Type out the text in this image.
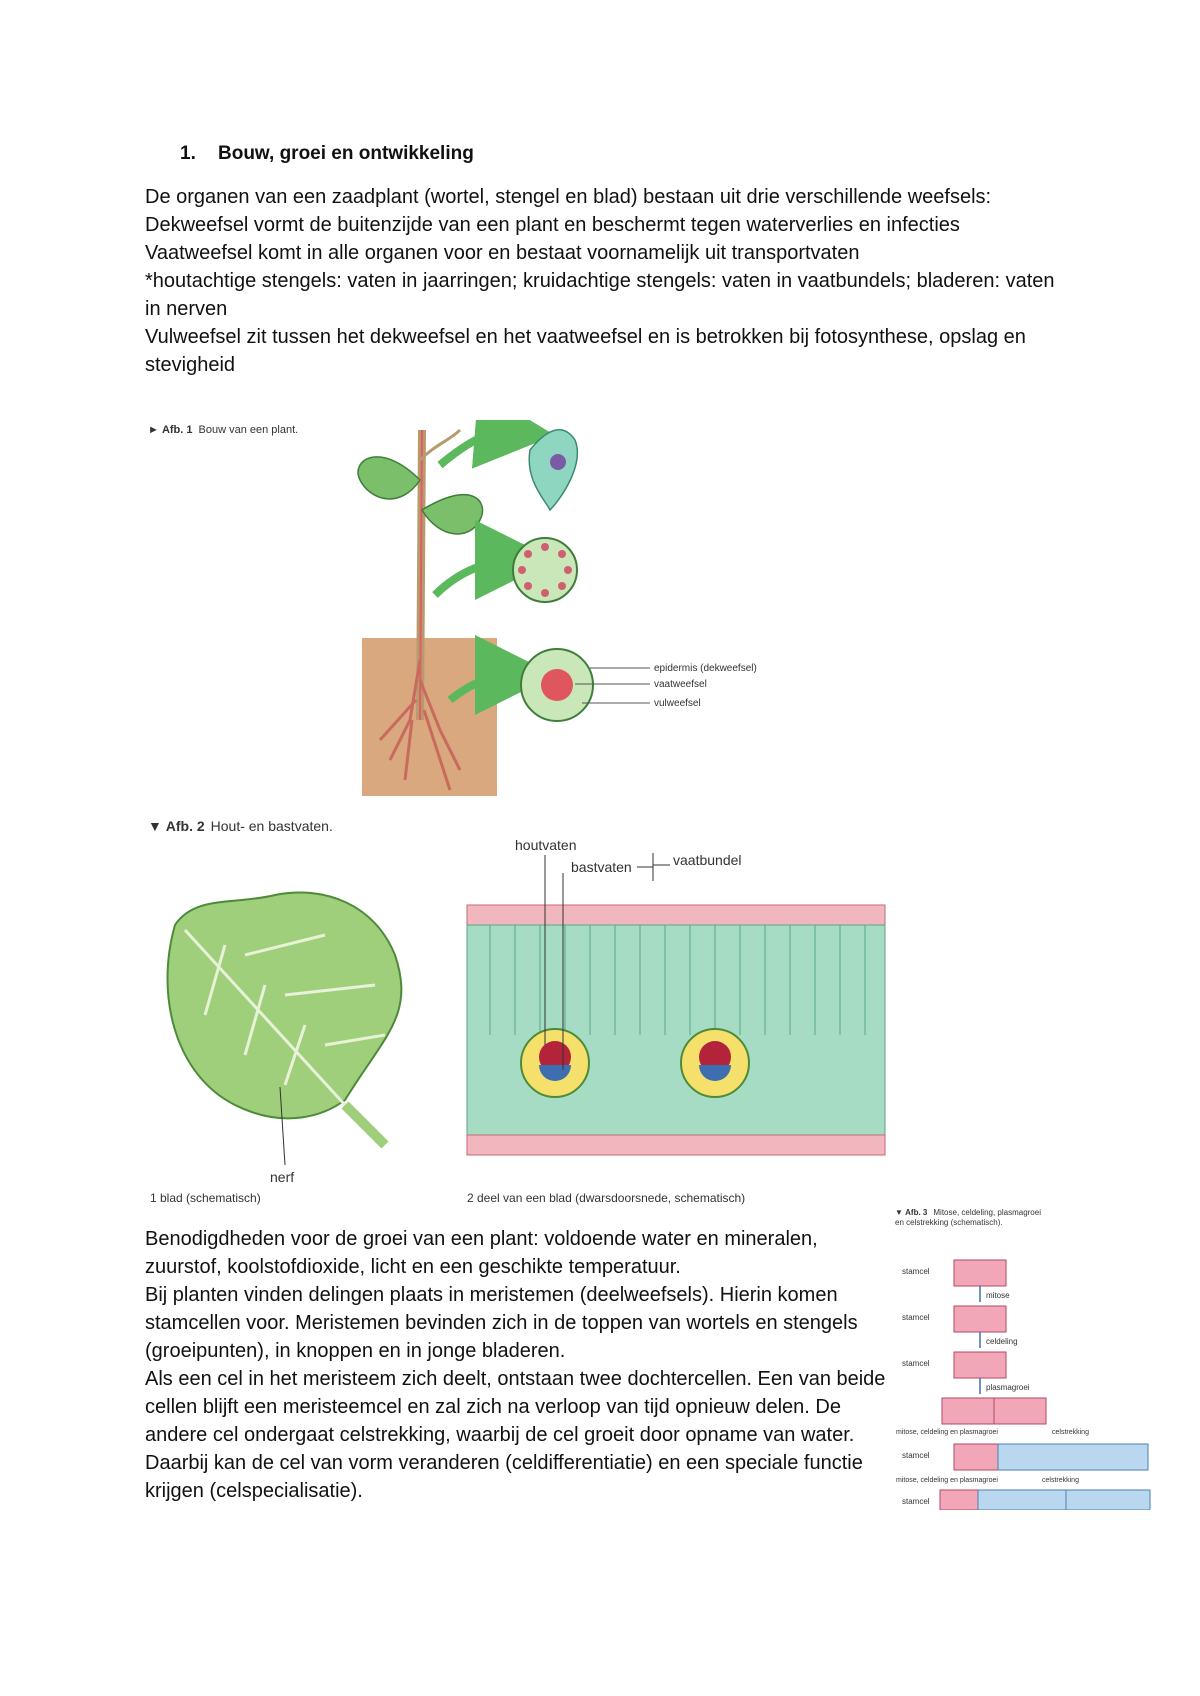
1. Bouw, groei en ontwikkeling

De organen van een zaadplant (wortel, stengel en blad) bestaan uit drie verschillende weefsels:

Dekweefsel vormt de buitenzijde van een plant en beschermt tegen waterverlies en infecties

Vaatweefsel komt in alle organen voor en bestaat voornamelijk uit transportvaten

*houtachtige stengels: vaten in jaarringen; kruidachtige stengels: vaten in vaatbundels; bladeren: vaten in nerven

Vulweefsel zit tussen het dekweefsel en het vaatweefsel en is betrokken bij fotosynthese, opslag en stevigheid

► Afb. 1 Bouw van een plant.
epidermis (dekweefsel)
vaatweefsel
vulweefsel
▼ Afb. 2 Hout- en bastvaten.
nerf
1 blad (schematisch)
houtvaten
bastvaten	vaatbundel
2 deel van een blad (dwarsdoorsnede, schematisch)

Benodigdheden voor de groei van een plant: voldoende water en mineralen, zuurstof, koolstofdioxide, licht en een geschikte temperatuur.

Bij planten vinden delingen plaats in meristemen (deelweefsels). Hierin komen stamcellen voor. Meristemen bevinden zich in de toppen van wortels en stengels (groeipunten), in knoppen en in jonge bladeren.

Als een cel in het meristeem zich deelt, ontstaan twee dochtercellen. Een van beide cellen blijft een meristeemcel en zal zich na verloop van tijd opnieuw delen. De andere cel ondergaat celstrekking, waarbij de cel groeit door opname van water. Daarbij kan de cel van vorm veranderen (celdifferentiatie) en een speciale functie krijgen (celspecialisatie).

▼ Afb. 3 Mitose, celdeling, plasmagroei en celstrekking (schematisch).
stamcel
mitose
stamcel
celdeling
stamcel
plasmagroei
mitose, celdeling en plasmagroei	celstrekking
stamcel
mitose, celdeling en plasmagroei	celstrekking
stamcel
